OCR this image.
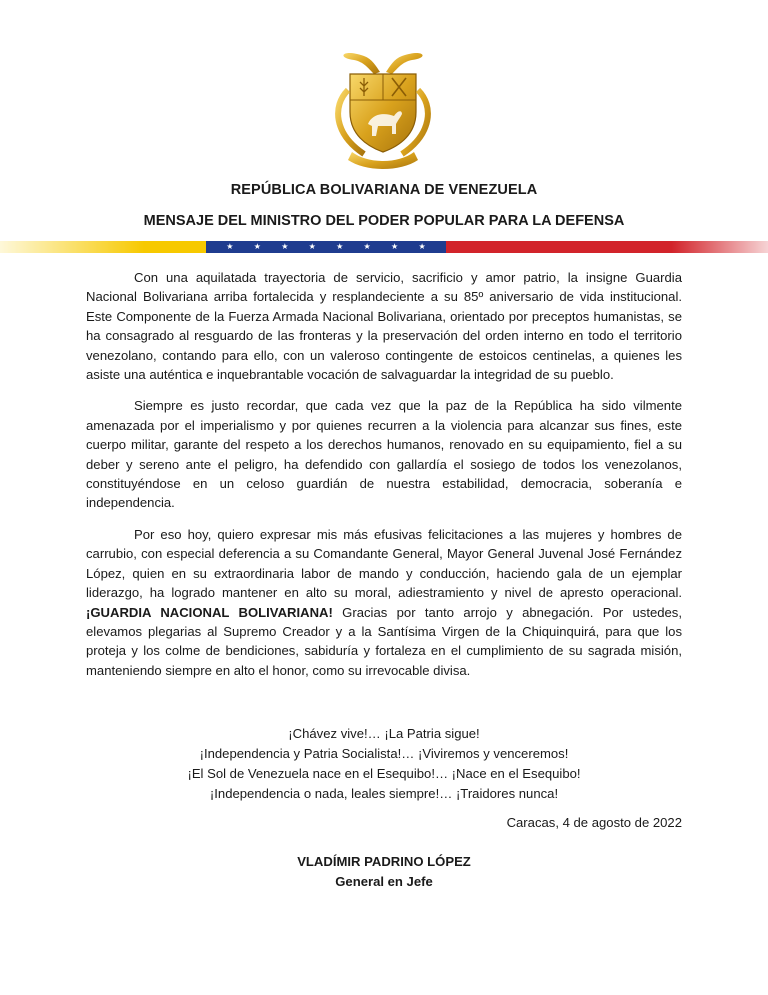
REPÚBLICA BOLIVARIANA DE VENEZUELA
MENSAJE DEL MINISTRO DEL PODER POPULAR PARA LA DEFENSA
★	★	★	★	★	★	★	★

Con una aquilatada trayectoria de servicio, sacrificio y amor patrio, la insigne Guardia Nacional Bolivariana arriba fortalecida y resplandeciente a su 85º aniversario de vida institucional. Este Componente de la Fuerza Armada Nacional Bolivariana, orientado por preceptos humanistas, se ha consagrado al resguardo de las fronteras y la preservación del orden interno en todo el territorio venezolano, contando para ello, con un valeroso contingente de estoicos centinelas, a quienes les asiste una auténtica e inquebrantable vocación de salvaguardar la integridad de su pueblo.

Siempre es justo recordar, que cada vez que la paz de la República ha sido vilmente amenazada por el imperialismo y por quienes recurren a la violencia para alcanzar sus fines, este cuerpo militar, garante del respeto a los derechos humanos, renovado en su equipamiento, fiel a su deber y sereno ante el peligro, ha defendido con gallardía el sosiego de todos los venezolanos, constituyéndose en un celoso guardián de nuestra estabilidad, democracia, soberanía e independencia.

Por eso hoy, quiero expresar mis más efusivas felicitaciones a las mujeres y hombres de carrubio, con especial deferencia a su Comandante General, Mayor General Juvenal José Fernández López, quien en su extraordinaria labor de mando y conducción, haciendo gala de un ejemplar liderazgo, ha logrado mantener en alto su moral, adiestramiento y nivel de apresto operacional. ¡GUARDIA NACIONAL BOLIVARIANA! Gracias por tanto arrojo y abnegación. Por ustedes, elevamos plegarias al Supremo Creador y a la Santísima Virgen de la Chiquinquirá, para que los proteja y los colme de bendiciones, sabiduría y fortaleza en el cumplimiento de su sagrada misión, manteniendo siempre en alto el honor, como su irrevocable divisa.

¡Chávez vive!… ¡La Patria sigue!
¡Independencia y Patria Socialista!… ¡Viviremos y venceremos!
¡El Sol de Venezuela nace en el Esequibo!… ¡Nace en el Esequibo!
¡Independencia o nada, leales siempre!… ¡Traidores nunca!
Caracas, 4 de agosto de 2022
VLADÍMIR PADRINO LÓPEZ
General en Jefe
